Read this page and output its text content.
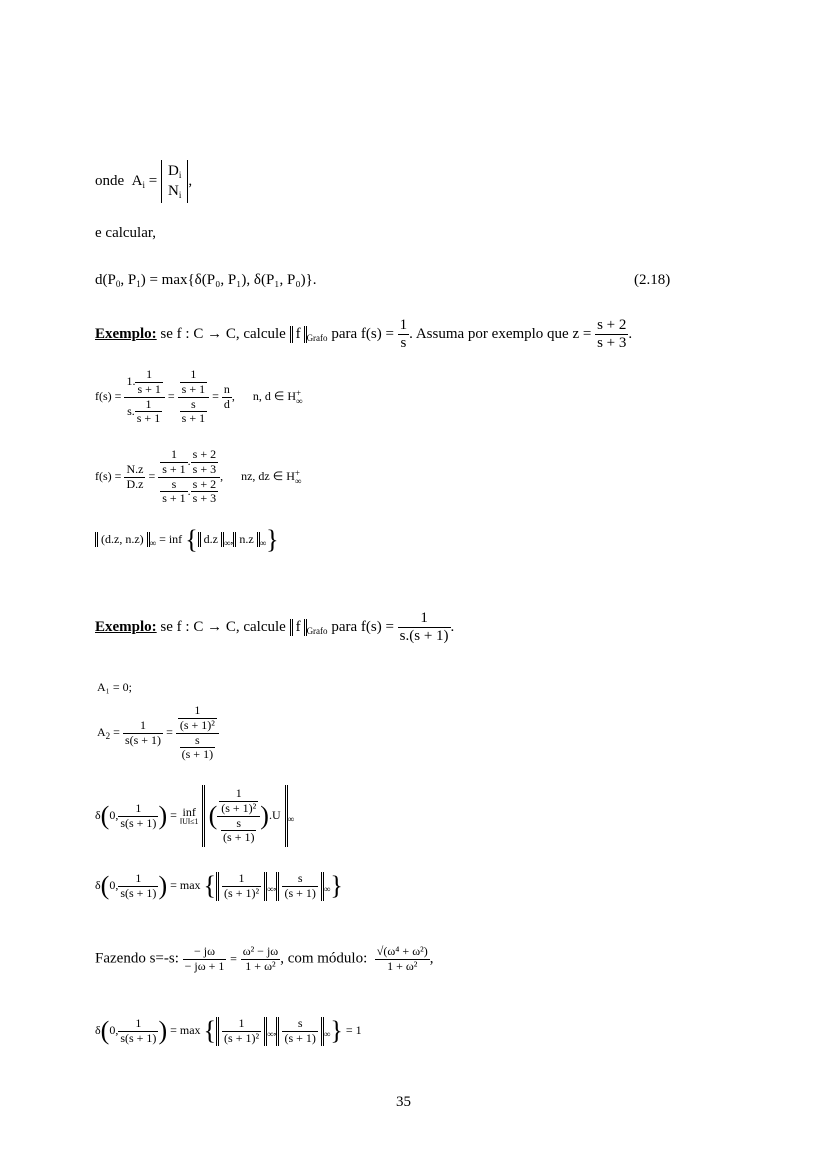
onde $A_i$ =
$D_i$
$N_i$
,
e calcular,
$d(P_0$, $P_1) = \max\{\delta(P_0$, P₁), δ(P₁, P₀)}.	(2.18)
Exemplo: se f : C → C, calcule f $_{Grafo}$ para $f(s) = \frac{1}{s}$ . Assuma por exemplo que $z = \frac{s + 2}{s + 3}$ .
$f(s) = \frac{1. \frac{1}{s + 1}}{s. \frac{1}{s + 1}} = \frac{\frac{1}{s + 1}}{\frac{s}{s + 1}} = \frac{n}{d}$ ,      n, d ∈ H +
∞
$f(s) = \frac{N.z}{D.z} = \frac{\frac{1}{s + 1} . \frac{s + 2}{s + 3}}{\frac{s}{s + 1} . \frac{s + 2}{s + 3}}$ , nz, dz ∈ H +
∞
(d.z, n.z) $_\infty$ = inf { d.z $_\infty$, n.z $_\infty$}
Exemplo: se f : C → C, calcule f $_{Grafo}$ para $f(s) = \frac{1}{s.(s + 1)}$ .
A₁ = 0;
$A_2 = \frac{1}{s(s + 1)} = \frac{\frac{1}{\text{(s + 1)²}}}{\frac{s}{(s + 1)}}$
δ(0, $\frac{1}{s(s + 1)}$ ) = inf
‖U‖≤1 ( $\frac{\frac{1}{\text{(s + 1)²}}}{\frac{s}{(s + 1)}} ).U$ $_\infty$
δ(0, $\frac{1}{s(s + 1)}$ ) = max { $\frac{1}{\text{(s + 1)²}} _\infty$, $\frac{s}{(s + 1)} _\infty$}
Fazendo s=-s: $\frac{- j\omega}{- j\omega + 1} = \frac{\text{ω² − jω}}{\text{1 + ω²}}$ , com módulo: $\frac{\text{√(ω⁴ + ω²)}}{\text{1 + ω²}}$ ,
δ(0, $\frac{1}{s(s + 1)}$ ) = max { $\frac{1}{\text{(s + 1)²}} _\infty$, $\frac{s}{(s + 1)} _\infty\} = 1$
35
